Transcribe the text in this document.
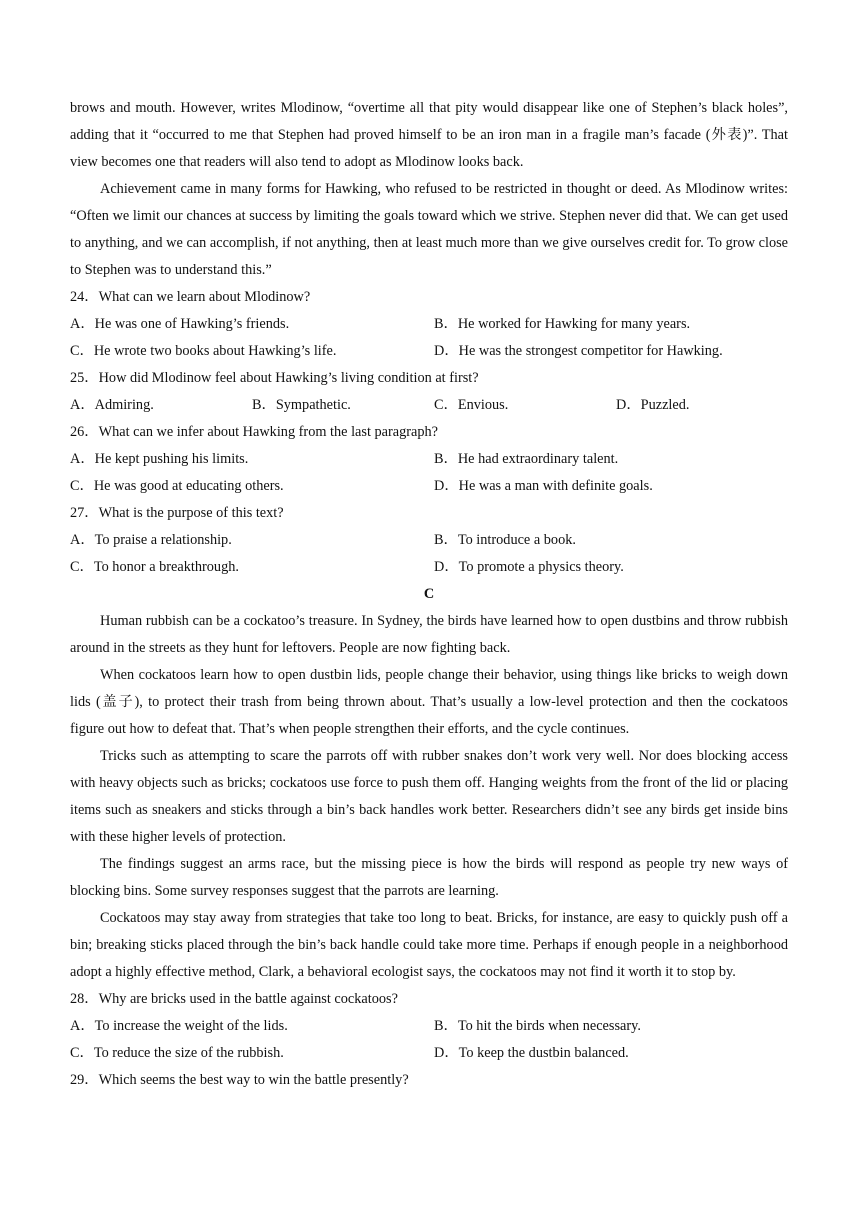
brows and mouth. However, writes Mlodinow, “overtime all that pity would disappear like one of Stephen’s black holes”, adding that it “occurred to me that Stephen had proved himself to be an iron man in a fragile man’s facade (外表)”. That view becomes one that readers will also tend to adopt as Mlodinow looks back.
Achievement came in many forms for Hawking, who refused to be restricted in thought or deed. As Mlodinow writes: “Often we limit our chances at success by limiting the goals toward which we strive. Stephen never did that. We can get used to anything, and we can accomplish, if not anything, then at least much more than we give ourselves credit for. To grow close to Stephen was to understand this.”
24．What can we learn about Mlodinow?
A．He was one of Hawking’s friends.	B．He worked for Hawking for many years.
C．He wrote two books about Hawking’s life.	D．He was the strongest competitor for Hawking.
25．How did Mlodinow feel about Hawking’s living condition at first?
A．Admiring.	B．Sympathetic.	C．Envious.	D．Puzzled.
26．What can we infer about Hawking from the last paragraph?
A．He kept pushing his limits.	B．He had extraordinary talent.
C．He was good at educating others.	D．He was a man with definite goals.
27．What is the purpose of this text?
A．To praise a relationship.	B．To introduce a book.
C．To honor a breakthrough.	D．To promote a physics theory.
C
Human rubbish can be a cockatoo’s treasure. In Sydney, the birds have learned how to open dustbins and throw rubbish around in the streets as they hunt for leftovers. People are now fighting back.
When cockatoos learn how to open dustbin lids, people change their behavior, using things like bricks to weigh down lids (盖子), to protect their trash from being thrown about. That’s usually a low-level protection and then the cockatoos figure out how to defeat that. That’s when people strengthen their efforts, and the cycle continues.
Tricks such as attempting to scare the parrots off with rubber snakes don’t work very well. Nor does blocking access with heavy objects such as bricks; cockatoos use force to push them off. Hanging weights from the front of the lid or placing items such as sneakers and sticks through a bin’s back handles work better. Researchers didn’t see any birds get inside bins with these higher levels of protection.
The findings suggest an arms race, but the missing piece is how the birds will respond as people try new ways of blocking bins. Some survey responses suggest that the parrots are learning.
Cockatoos may stay away from strategies that take too long to beat. Bricks, for instance, are easy to quickly push off a bin; breaking sticks placed through the bin’s back handle could take more time. Perhaps if enough people in a neighborhood adopt a highly effective method, Clark, a behavioral ecologist says, the cockatoos may not find it worth it to stop by.
28．Why are bricks used in the battle against cockatoos?
A．To increase the weight of the lids.	B．To hit the birds when necessary.
C．To reduce the size of the rubbish.	D．To keep the dustbin balanced.
29．Which seems the best way to win the battle presently?
